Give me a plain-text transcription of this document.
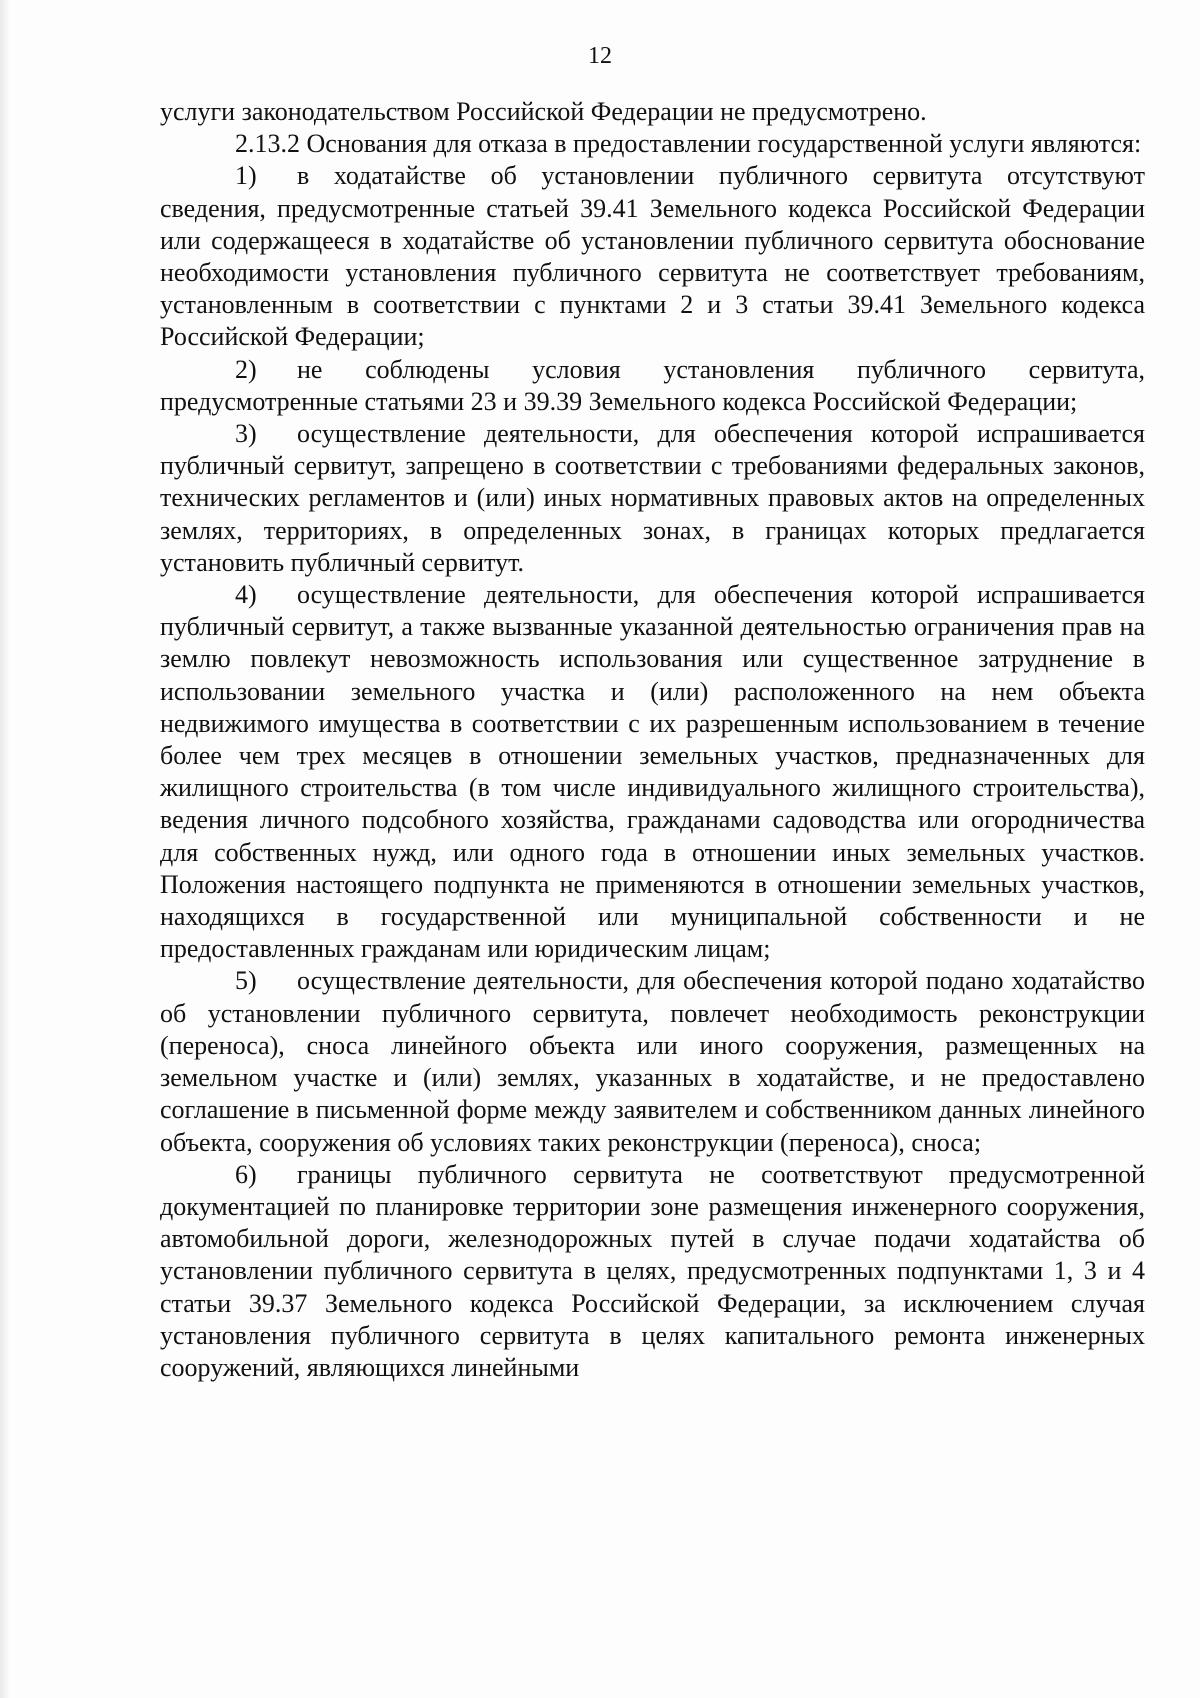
12

услуги законодательством Российской Федерации не предусмотрено.

2.13.2 Основания для отказа в предоставлении государственной услуги являются:

1) в ходатайстве об установлении публичного сервитута отсутствуют сведения, предусмотренные статьей 39.41 Земельного кодекса Российской Федерации или содержащееся в ходатайстве об установлении публичного сервитута обоснование необходимости установления публичного сервитута не соответствует требованиям, установленным в соответствии с пунктами 2 и 3 статьи 39.41 Земельного кодекса Российской Федерации;

2) не соблюдены условия установления публичного сервитута, предусмотренные статьями 23 и 39.39 Земельного кодекса Российской Федерации;

3) осуществление деятельности, для обеспечения которой испрашивается публичный сервитут, запрещено в соответствии с требованиями федеральных законов, технических регламентов и (или) иных нормативных правовых актов на определенных землях, территориях, в определенных зонах, в границах которых предлагается установить публичный сервитут.

4) осуществление деятельности, для обеспечения которой испрашивается публичный сервитут, а также вызванные указанной деятельностью ограничения прав на землю повлекут невозможность использования или существенное затруднение в использовании земельного участка и (или) расположенного на нем объекта недвижимого имущества в соответствии с их разрешенным использованием в течение более чем трех месяцев в отношении земельных участков, предназначенных для жилищного строительства (в том числе индивидуального жилищного строительства), ведения личного подсобного хозяйства, гражданами садоводства или огородничества для собственных нужд, или одного года в отношении иных земельных участков. Положения настоящего подпункта не применяются в отношении земельных участков, находящихся в государственной или муниципальной собственности и не предоставленных гражданам или юридическим лицам;

5) осуществление деятельности, для обеспечения которой подано ходатайство об установлении публичного сервитута, повлечет необходимость реконструкции (переноса), сноса линейного объекта или иного сооружения, размещенных на земельном участке и (или) землях, указанных в ходатайстве, и не предоставлено соглашение в письменной форме между заявителем и собственником данных линейного объекта, сооружения об условиях таких реконструкции (переноса), сноса;

6) границы публичного сервитута не соответствуют предусмотренной документацией по планировке территории зоне размещения инженерного сооружения, автомобильной дороги, железнодорожных путей в случае подачи ходатайства об установлении публичного сервитута в целях, предусмотренных подпунктами 1, 3 и 4 статьи 39.37 Земельного кодекса Российской Федерации, за исключением случая установления публичного сервитута в целях капитального ремонта инженерных сооружений, являющихся линейными
